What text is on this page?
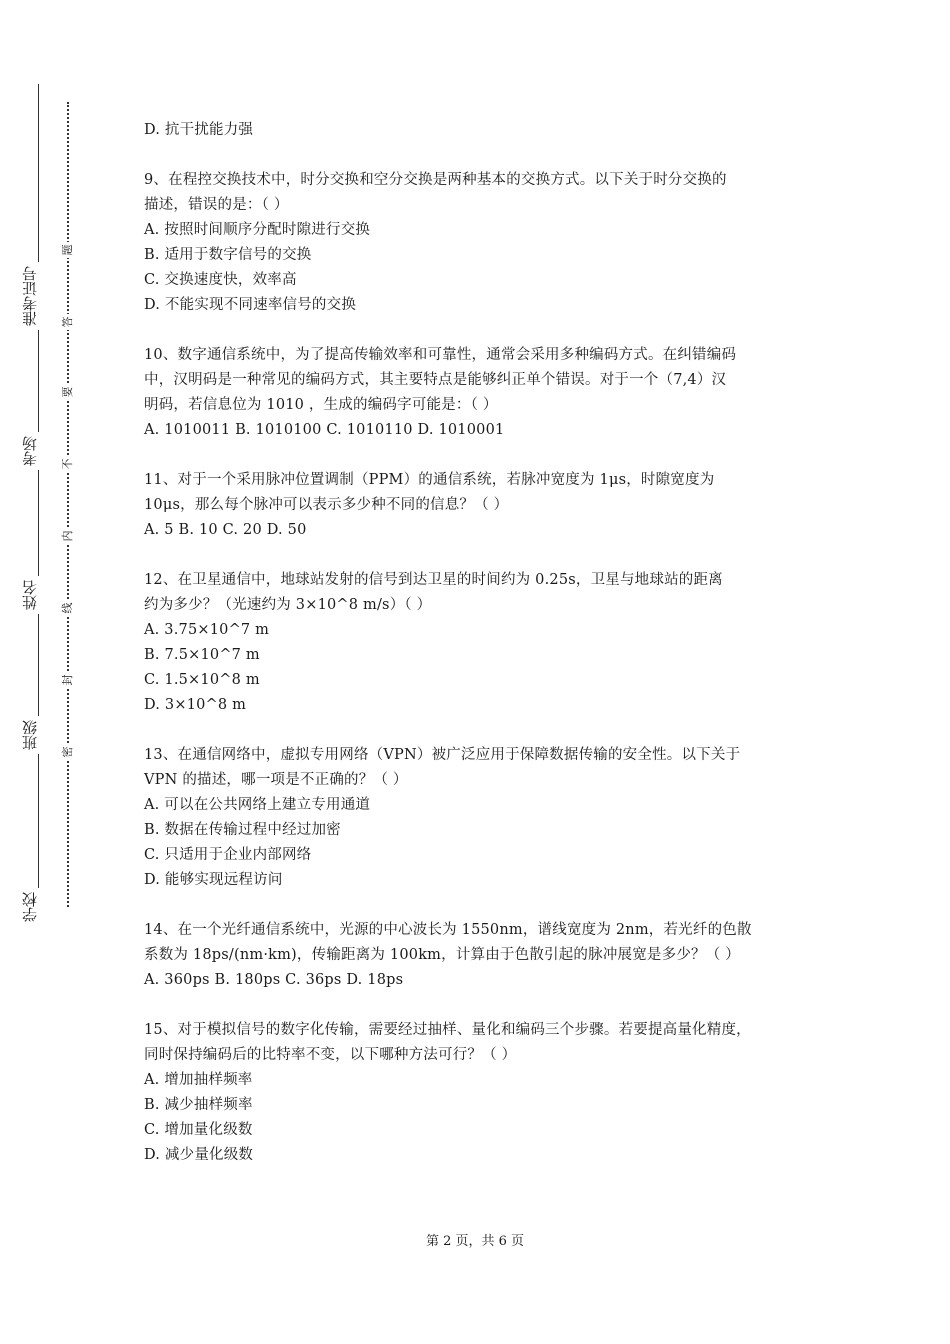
准考证号
考场
姓名
班级
学校
题
答
要
不
内
线
封
密
D. 抗干扰能力强
9、在程控交换技术中，时分交换和空分交换是两种基本的交换方式。以下关于时分交换的
描述，错误的是：（ ）
A. 按照时间顺序分配时隙进行交换
B. 适用于数字信号的交换
C. 交换速度快，效率高
D. 不能实现不同速率信号的交换
10、数字通信系统中，为了提高传输效率和可靠性，通常会采用多种编码方式。在纠错编码
中，汉明码是一种常见的编码方式，其主要特点是能够纠正单个错误。对于一个（7,4）汉
明码，若信息位为 1010 ，生成的编码字可能是：（ ）
A. 1010011 B. 1010100 C. 1010110 D. 1010001
11、对于一个采用脉冲位置调制（PPM）的通信系统，若脉冲宽度为 1μs，时隙宽度为
10μs，那么每个脉冲可以表示多少种不同的信息？（ ）
A. 5 B. 10 C. 20 D. 50
12、在卫星通信中，地球站发射的信号到达卫星的时间约为 0.25s，卫星与地球站的距离
约为多少？（光速约为 3×10^8 m/s）（ ）
A. 3.75×10^7 m
B. 7.5×10^7 m
C. 1.5×10^8 m
D. 3×10^8 m
13、在通信网络中，虚拟专用网络（VPN）被广泛应用于保障数据传输的安全性。以下关于
VPN 的描述，哪一项是不正确的？（ ）
A. 可以在公共网络上建立专用通道
B. 数据在传输过程中经过加密
C. 只适用于企业内部网络
D. 能够实现远程访问
14、在一个光纤通信系统中，光源的中心波长为 1550nm，谱线宽度为 2nm，若光纤的色散
系数为 18ps/(nm·km)，传输距离为 100km，计算由于色散引起的脉冲展宽是多少？（ ）
A. 360ps B. 180ps C. 36ps D. 18ps
15、对于模拟信号的数字化传输，需要经过抽样、量化和编码三个步骤。若要提高量化精度，
同时保持编码后的比特率不变，以下哪种方法可行？（ ）
A. 增加抽样频率
B. 减少抽样频率
C. 增加量化级数
D. 减少量化级数
第 2 页，共 6 页
